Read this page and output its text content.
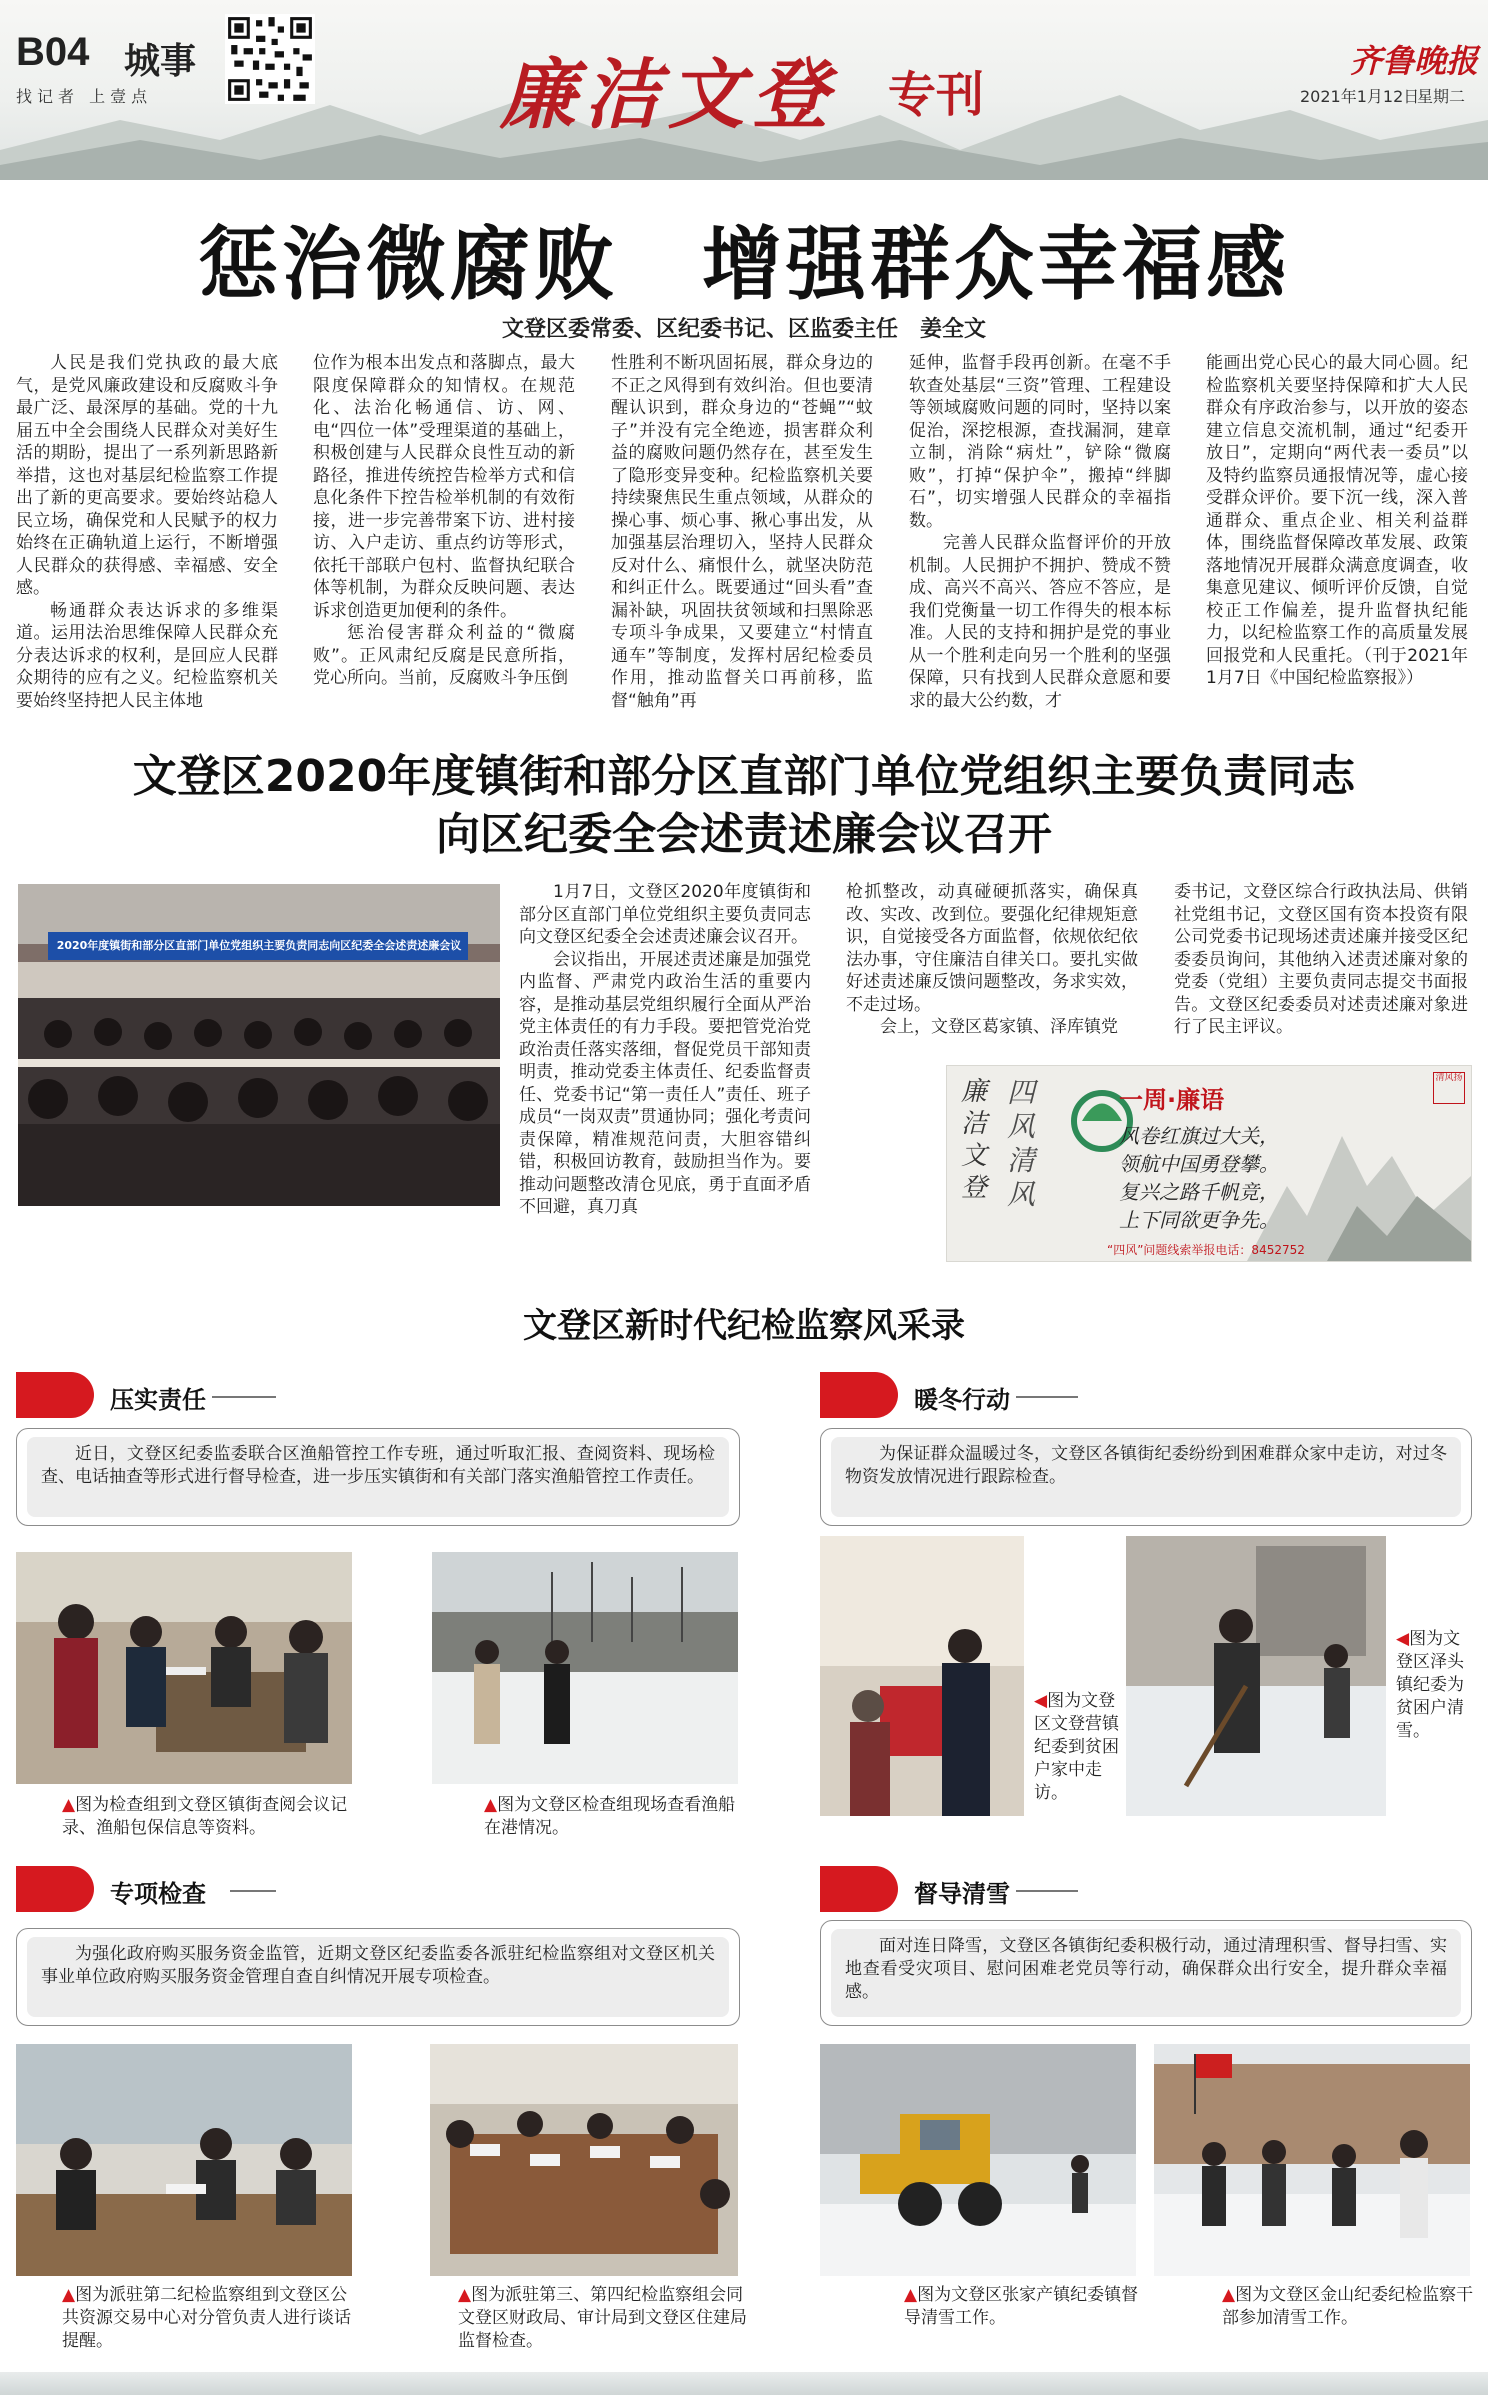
B04 城事
找记者 上壹点	廉洁文登 专刊
齐鲁晚报
2021年1月12日
星期二
惩治微腐败　增强群众幸福感
文登区委常委、区纪委书记、区监委主任　姜全文

人民是我们党执政的最大底气，是党风廉政建设和反腐败斗争最广泛、最深厚的基础。党的十九届五中全会围绕人民群众对美好生活的期盼，提出了一系列新思路新举措，这也对基层纪检监察工作提出了新的更高要求。要始终站稳人民立场，确保党和人民赋予的权力始终在正确轨道上运行，不断增强人民群众的获得感、幸福感、安全感。

畅通群众表达诉求的多维渠道。运用法治思维保障人民群众充分表达诉求的权利，是回应人民群众期待的应有之义。纪检监察机关要始终坚持把人民主体地

位作为根本出发点和落脚点，最大限度保障群众的知情权。在规范化、法治化畅通信、访、网、电“四位一体”受理渠道的基础上，积极创建与人民群众良性互动的新路径，推进传统控告检举方式和信息化条件下控告检举机制的有效衔接，进一步完善带案下访、进村接访、入户走访、重点约访等形式，依托干部联户包村、监督执纪联合体等机制，为群众反映问题、表达诉求创造更加便利的条件。

惩治侵害群众利益的“微腐败”。正风肃纪反腐是民意所指，党心所向。当前，反腐败斗争压倒

性胜利不断巩固拓展，群众身边的不正之风得到有效纠治。但也要清醒认识到，群众身边的“苍蝇”“蚊子”并没有完全绝迹，损害群众利益的腐败问题仍然存在，甚至发生了隐形变异变种。纪检监察机关要持续聚焦民生重点领域，从群众的操心事、烦心事、揪心事出发，从加强基层治理切入，坚持人民群众反对什么、痛恨什么，就坚决防范和纠正什么。既要通过“回头看”查漏补缺，巩固扶贫领域和扫黑除恶专项斗争成果，又要建立“村情直通车”等制度，发挥村居纪检委员作用，推动监督关口再前移，监督“触角”再

延伸，监督手段再创新。在毫不手软查处基层“三资”管理、工程建设等领域腐败问题的同时，坚持以案促治，深挖根源，查找漏洞，建章立制，消除“病灶”，铲除“微腐败”，打掉“保护伞”，搬掉“绊脚石”，切实增强人民群众的幸福指数。

完善人民群众监督评价的开放机制。人民拥护不拥护、赞成不赞成、高兴不高兴、答应不答应，是我们党衡量一切工作得失的根本标准。人民的支持和拥护是党的事业从一个胜利走向另一个胜利的坚强保障，只有找到人民群众意愿和要求的最大公约数，才

能画出党心民心的最大同心圆。纪检监察机关要坚持保障和扩大人民群众有序政治参与，以开放的姿态建立信息交流机制，通过“纪委开放日”，定期向“两代表一委员”以及特约监察员通报情况等，虚心接受群众评价。要下沉一线，深入普通群众、重点企业、相关利益群体，围绕监督保障改革发展、政策落地情况开展群众满意度调查，收集意见建议、倾听评价反馈，自觉校正工作偏差，提升监督执纪能力，以纪检监察工作的高质量发展回报党和人民重托。（刊于2021年1月7日《中国纪检监察报》）

文登区2020年度镇街和部分区直部门单位党组织主要负责同志
向区纪委全会述责述廉会议召开
2020年度镇街和部分区直部门单位党组织主要负责同志向区纪委全会述责述廉会议

1月7日，文登区2020年度镇街和部分区直部门单位党组织主要负责同志向文登区纪委全会述责述廉会议召开。

会议指出，开展述责述廉是加强党内监督、严肃党内政治生活的重要内容，是推动基层党组织履行全面从严治党主体责任的有力手段。要把管党治党政治责任落实落细，督促党员干部知责明责，推动党委主体责任、纪委监督责任、党委书记“第一责任人”责任、班子成员“一岗双责”贯通协同；强化考责问责保障，精准规范问责，大胆容错纠错，积极回访教育，鼓励担当作为。要推动问题整改清仓见底，勇于直面矛盾不回避，真刀真

枪抓整改，动真碰硬抓落实，确保真改、实改、改到位。要强化纪律规矩意识，自觉接受各方面监督，依规依纪依法办事，守住廉洁自律关口。要扎实做好述责述廉反馈问题整改，务求实效，不走过场。

会上，文登区葛家镇、泽库镇党

委书记，文登区综合行政执法局、供销社党组书记，文登区国有资本投资有限公司党委书记现场述责述廉并接受区纪委委员询问，其他纳入述责述廉对象的党委（党组）主要负责同志提交书面报告。文登区纪委委员对述责述廉对象进行了民主评议。

廉洁文登
四风清风
一周·廉语
风卷红旗过大关，
领航中国勇登攀。
复兴之路千帆竞，
上下同欲更争先。
“四风”问题线索举报电话：8452752
清风扬
文登区新时代纪检监察风采录
压实责任

近日，文登区纪委监委联合区渔船管控工作专班，通过听取汇报、查阅资料、现场检查、电话抽查等形式进行督导检查，进一步压实镇街和有关部门落实渔船管控工作责任。

▲图为检查组到文登区镇街查阅会议记录、渔船包保信息等资料。
▲图为文登区检查组现场查看渔船在港情况。
暖冬行动

为保证群众温暖过冬，文登区各镇街纪委纷纷到困难群众家中走访，对过冬物资发放情况进行跟踪检查。

◀图为文登区文登营镇纪委到贫困户家中走访。
◀图为文登区泽头镇纪委为贫困户清雪。
专项检查

为强化政府购买服务资金监管，近期文登区纪委监委各派驻纪检监察组对文登区机关事业单位政府购买服务资金管理自查自纠情况开展专项检查。

▲图为派驻第二纪检监察组到文登区公共资源交易中心对分管负责人进行谈话提醒。
▲图为派驻第三、第四纪检监察组会同文登区财政局、审计局到文登区住建局监督检查。
督导清雪

面对连日降雪，文登区各镇街纪委积极行动，通过清理积雪、督导扫雪、实地查看受灾项目、慰问困难老党员等行动，确保群众出行安全，提升群众幸福感。

▲图为文登区张家产镇纪委镇督导清雪工作。
▲图为文登区金山纪委纪检监察干部参加清雪工作。
